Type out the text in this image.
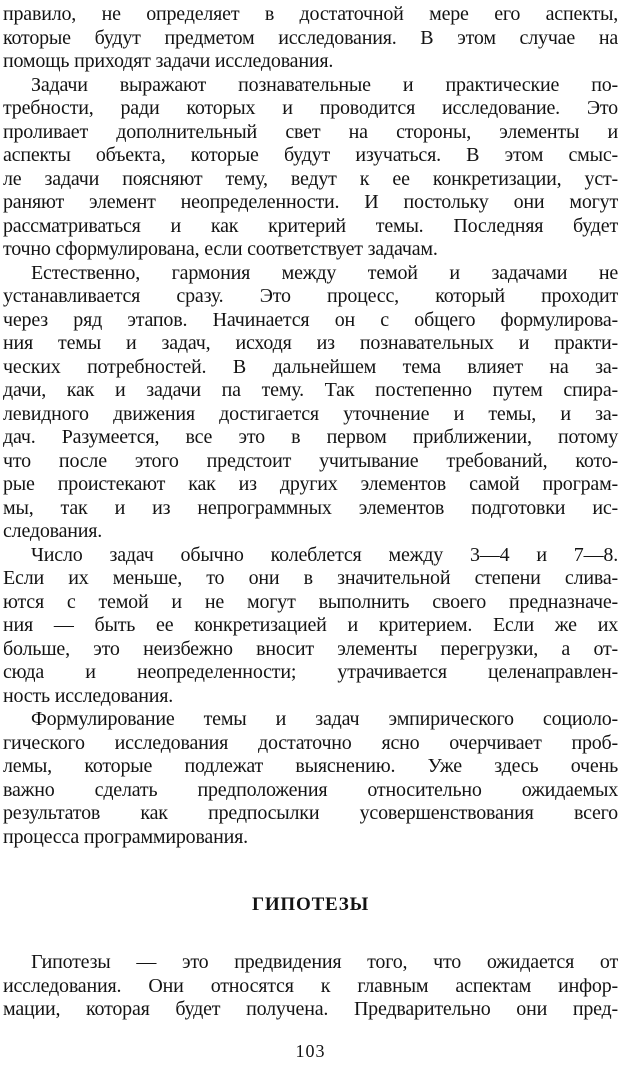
правило, не определяет в достаточной мере его аспекты,
которые будут предметом исследования. В этом случае на
помощь приходят задачи исследования.
Задачи выражают познавательные и практические по-
требности, ради которых и проводится исследование. Это
проливает дополнительный свет на стороны, элементы и
аспекты объекта, которые будут изучаться. В этом смыс-
ле задачи поясняют тему, ведут к ее конкретизации, уст-
раняют элемент неопределенности. И постольку они могут
рассматриваться и как критерий темы. Последняя будет
точно сформулирована, если соответствует задачам.
Естественно, гармония между темой и задачами не
устанавливается сразу. Это процесс, который проходит
через ряд этапов. Начинается он с общего формулирова-
ния темы и задач, исходя из познавательных и практи-
ческих потребностей. В дальнейшем тема влияет на за-
дачи, как и задачи па тему. Так постепенно путем спира-
левидного движения достигается уточнение и темы, и за-
дач. Разумеется, все это в первом приближении, потому
что после этого предстоит учитывание требований, кото-
рые проистекают как из других элементов самой програм-
мы, так и из непрограммных элементов подготовки ис-
следования.
Число задач обычно колеблется между 3—4 и 7—8.
Если их меньше, то они в значительной степени слива-
ются с темой и не могут выполнить своего предназначе-
ния — быть ее конкретизацией и критерием. Если же их
больше, это неизбежно вносит элементы перегрузки, а от-
сюда и неопределенности; утрачивается целенаправлен-
ность исследования.
Формулирование темы и задач эмпирического социоло-
гического исследования достаточно ясно очерчивает проб-
лемы, которые подлежат выяснению. Уже здесь очень
важно сделать предположения относительно ожидаемых
результатов как предпосылки усовершенствования всего
процесса программирования.
ГИПОТЕЗЫ
Гипотезы — это предвидения того, что ожидается от
исследования. Они относятся к главным аспектам инфор-
мации, которая будет получена. Предварительно они пред-
103
